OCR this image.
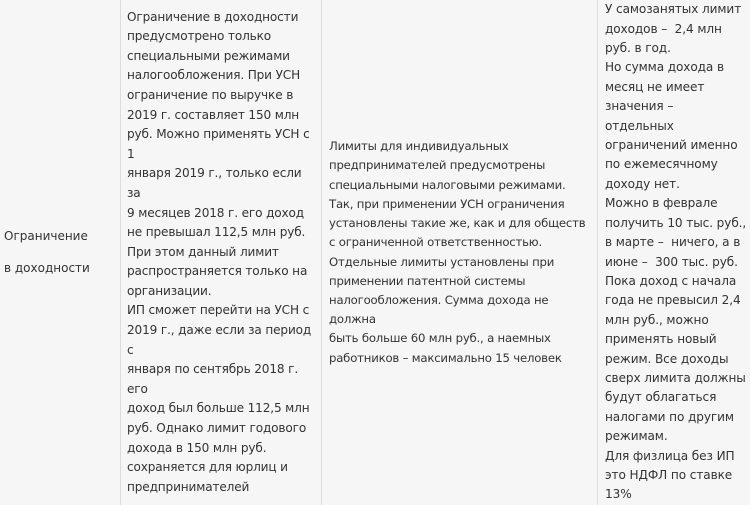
Ограничение

в доходности

Ограничение в доходности
предусмотрено только
специальными режимами
налогообложения. При УСН
ограничение по выручке в
2019 г. составляет 150 млн
руб. Можно применять УСН с 1
января 2019 г., только если за
9 месяцев 2018 г. его доход
не превышал 112,5 млн руб.
При этом данный лимит
распространяется только на
организации.

ИП сможет перейти на УСН с
2019 г., даже если за период с
января по сентябрь 2018 г. его
доход был больше 112,5 млн
руб. Однако лимит годового
дохода в 150 млн руб.
сохраняется для юрлиц и
предпринимателей

Лимиты для индивидуальных
предпринимателей предусмотрены
специальными налоговыми режимами.
Так, при применении УСН ограничения
установлены такие же, как и для обществ
с ограниченной ответственностью.

Отдельные лимиты установлены при
применении патентной системы
налогообложения. Сумма дохода не
должна
быть больше 60 млн руб., а наемных
работников – максимально 15 человек

У самозанятых лимит
доходов –  2,4 млн
руб. в год.

Но сумма дохода в
месяц не имеет
значения –  отдельных
ограничений именно
по ежемесячному
доходу нет.

Можно в феврале
получить 10 тыс. руб.,
в марте –  ничего, а в
июне –  300 тыс. руб.

Пока доход с начала
года не превысил 2,4
млн руб., можно
применять новый
режим. Все доходы
сверх лимита должны
будут облагаться
налогами по другим
режимам.

Для физлица без ИП
это НДФЛ по ставке
13%
